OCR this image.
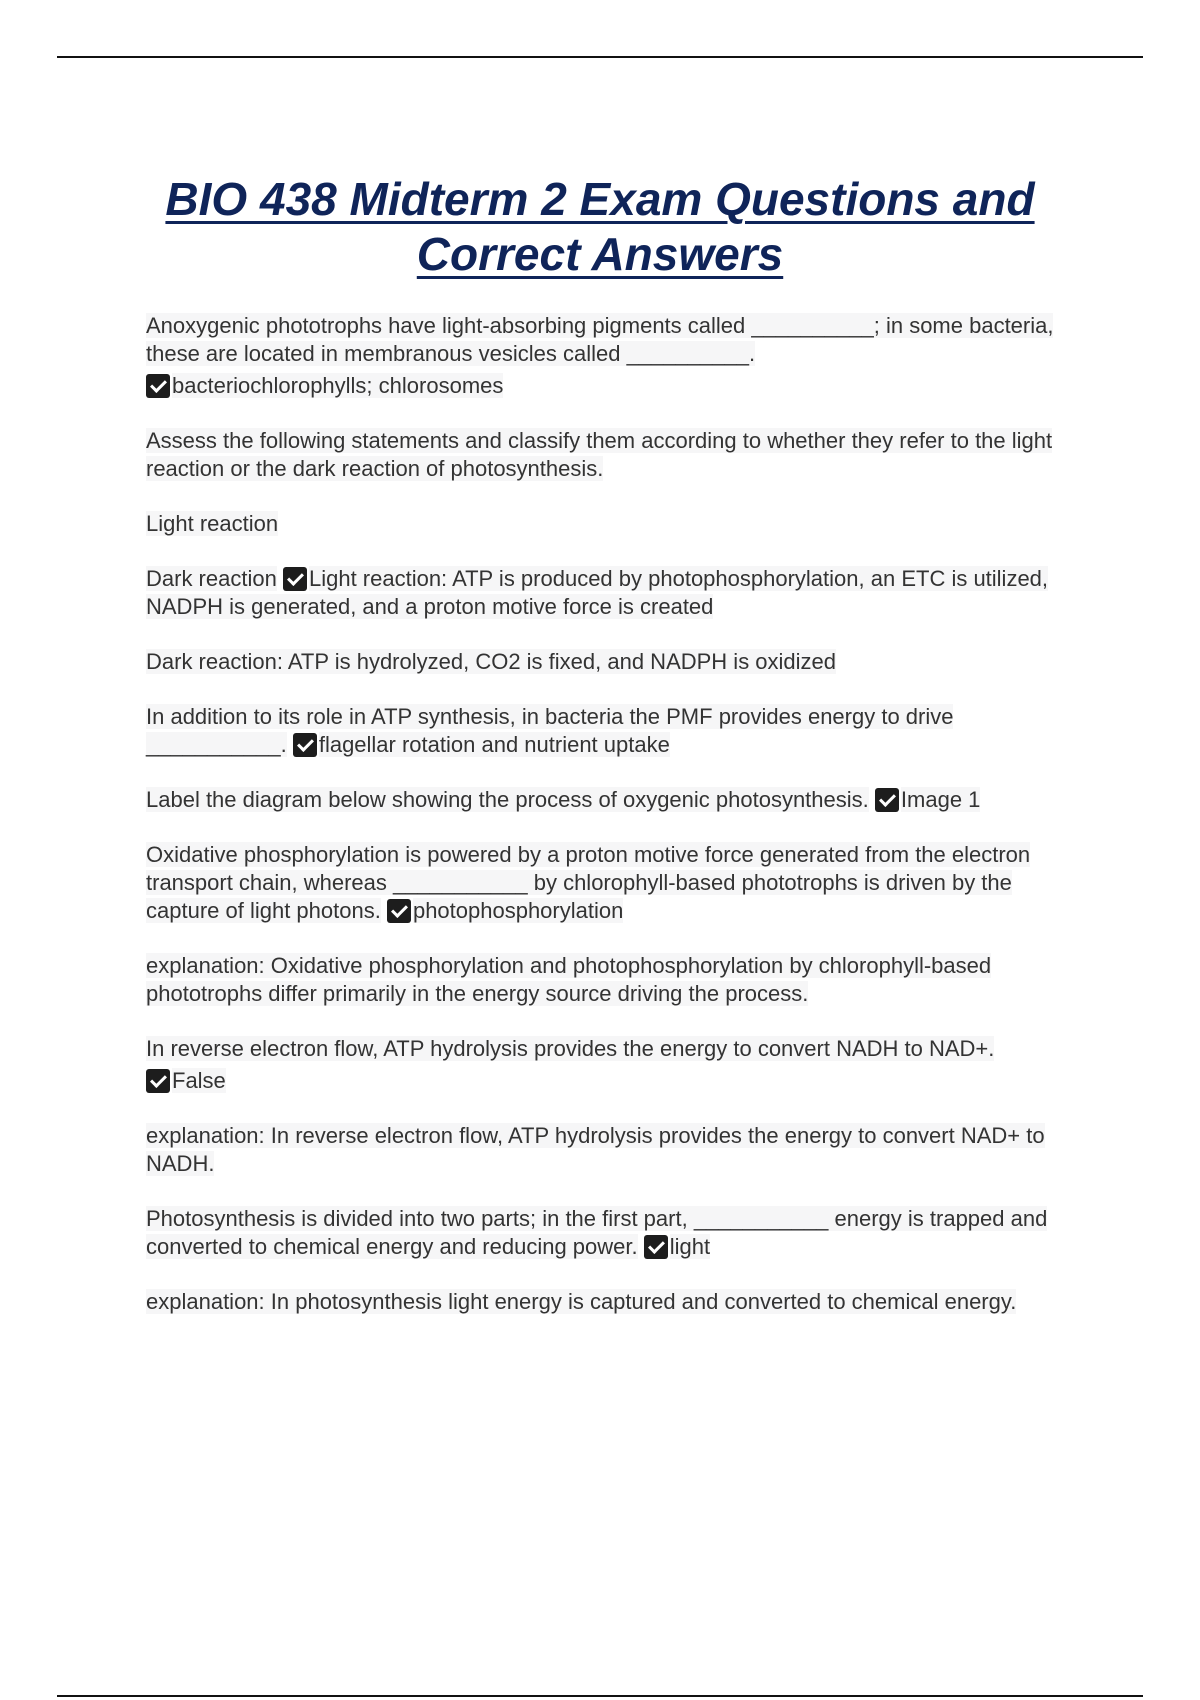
BIO 438 Midterm 2 Exam Questions and
Correct Answers

Anoxygenic phototrophs have light-absorbing pigments called __________; in some bacteria, these are located in membranous vesicles called __________.
bacteriochlorophylls; chlorosomes

Assess the following statements and classify them according to whether they refer to the light reaction or the dark reaction of photosynthesis.

Light reaction

Dark reaction Light reaction: ATP is produced by photophosphorylation, an ETC is utilized, NADPH is generated, and a proton motive force is created

Dark reaction: ATP is hydrolyzed, CO2 is fixed, and NADPH is oxidized

In addition to its role in ATP synthesis, in bacteria the PMF provides energy to drive ___________. flagellar rotation and nutrient uptake

Label the diagram below showing the process of oxygenic photosynthesis. Image 1

Oxidative phosphorylation is powered by a proton motive force generated from the electron transport chain, whereas ___________ by chlorophyll-based phototrophs is driven by the capture of light photons. photophosphorylation

explanation: Oxidative phosphorylation and photophosphorylation by chlorophyll-based phototrophs differ primarily in the energy source driving the process.

In reverse electron flow, ATP hydrolysis provides the energy to convert NADH to NAD+.
False

explanation: In reverse electron flow, ATP hydrolysis provides the energy to convert NAD+ to NADH.

Photosynthesis is divided into two parts; in the first part, ___________ energy is trapped and converted to chemical energy and reducing power. light

explanation: In photosynthesis light energy is captured and converted to chemical energy.
